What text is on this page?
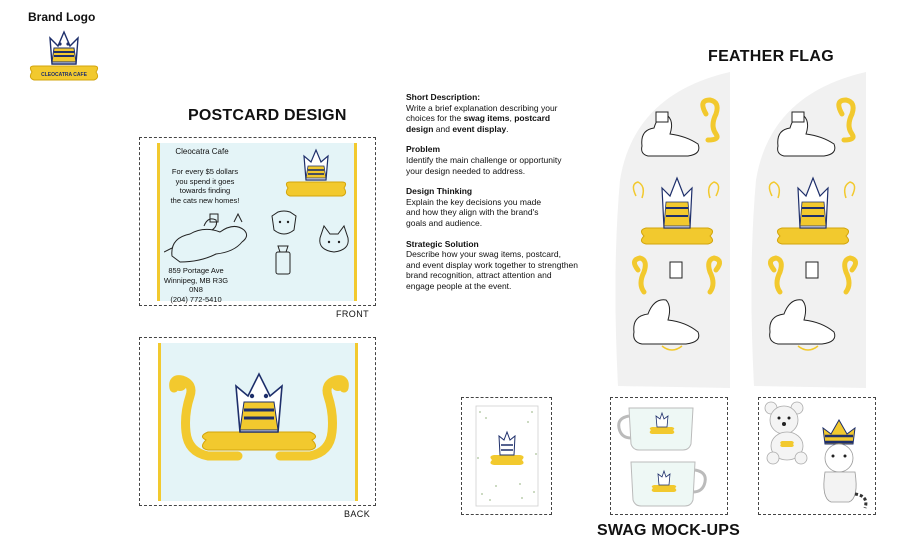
Brand Logo
CLEOCATRA CAFE
POSTCARD DESIGN
Cleocatra Cafe
For every $5 dollars
you spend it goes
towards finding
the cats new homes!
859 Portage Ave
Winnipeg, MB R3G 0N8
(204) 772-5410
FRONT
BACK
Short Description:
Write a brief explanation describing your
choices for the swag items, postcard
design and event display.
Problem
Identify the main challenge or opportunity
your design needed to address.
Design Thinking
Explain the key decisions you made
and how they align with the brand's
goals and audience.
Strategic Solution
Describe how your swag items, postcard,
and event display work together to strengthen
brand recognition, attract attention and
engage people at the event.
FEATHER FLAG
SWAG MOCK-UPS
